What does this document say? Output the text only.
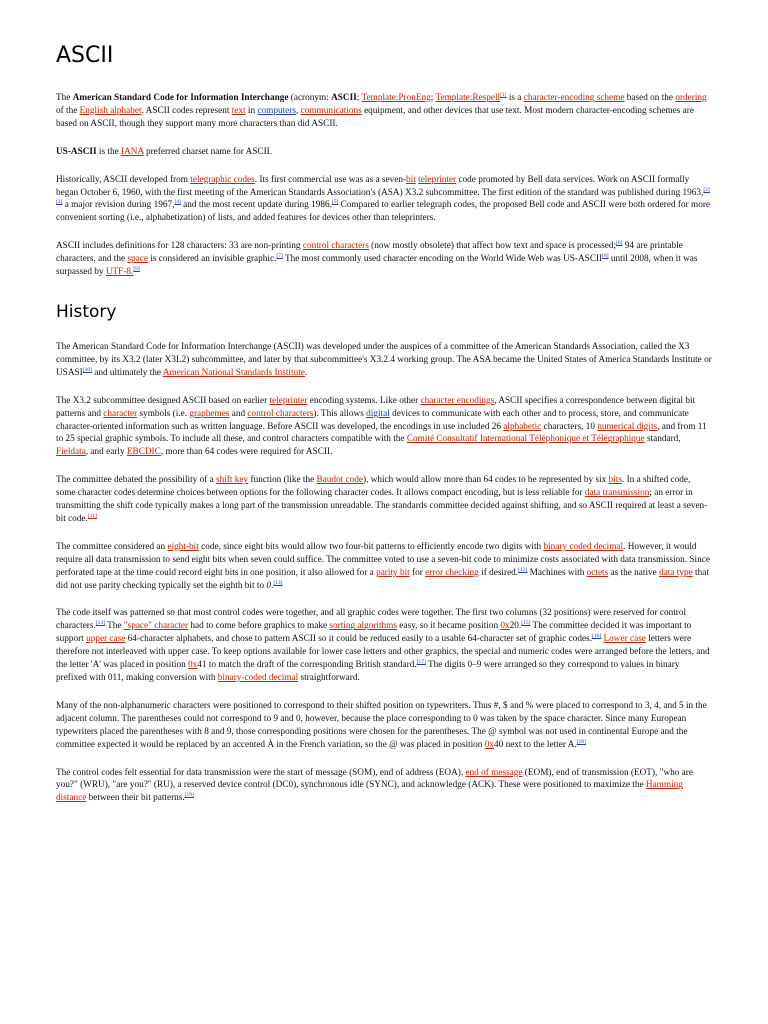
ASCII

The American Standard Code for Information Interchange (acronym: ASCII; Template:PronEng; Template:Respell[1] is a character-encoding scheme based on the ordering of the English alphabet. ASCII codes represent text in computers, communications equipment, and other devices that use text. Most modern character-encoding schemes are based on ASCII, though they support many more characters than did ASCII.

US-ASCII is the IANA preferred charset name for ASCII.

Historically, ASCII developed from telegraphic codes. Its first commercial use was as a seven-bit teleprinter code promoted by Bell data services. Work on ASCII formally began October 6, 1960, with the first meeting of the American Standards Association's (ASA) X3.2 subcommittee. The first edition of the standard was published during 1963,[2][3] a major revision during 1967,[4] and the most recent update during 1986.[5] Compared to earlier telegraph codes, the proposed Bell code and ASCII were both ordered for more convenient sorting (i.e., alphabetization) of lists, and added features for devices other than teleprinters.

ASCII includes definitions for 128 characters: 33 are non-printing control characters (now mostly obsolete) that affect how text and space is processed;[6] 94 are printable characters, and the space is considered an invisible graphic.[7] The most commonly used character encoding on the World Wide Web was US-ASCII[8] until 2008, when it was surpassed by UTF-8.[9]

History

The American Standard Code for Information Interchange (ASCII) was developed under the auspices of a committee of the American Standards Association, called the X3 committee, by its X3.2 (later X3L2) subcommittee, and later by that subcommittee's X3.2.4 working group. The ASA became the United States of America Standards Institute or USASI[10] and ultimately the American National Standards Institute.

The X3.2 subcommittee designed ASCII based on earlier teleprinter encoding systems. Like other character encodings, ASCII specifies a correspondence between digital bit patterns and character symbols (i.e. graphemes and control characters). This allows digital devices to communicate with each other and to process, store, and communicate character-oriented information such as written language. Before ASCII was developed, the encodings in use included 26 alphabetic characters, 10 numerical digits, and from 11 to 25 special graphic symbols. To include all these, and control characters compatible with the Comité Consultatif International Téléphonique et Télégraphique standard, Fieldata, and early EBCDIC, more than 64 codes were required for ASCII.

The committee debated the possibility of a shift key function (like the Baudot code), which would allow more than 64 codes to be represented by six bits. In a shifted code, some character codes determine choices between options for the following character codes. It allows compact encoding, but is less reliable for data transmission; an error in transmitting the shift code typically makes a long part of the transmission unreadable. The standards committee decided against shifting, and so ASCII required at least a seven-bit code.[11]

The committee considered an eight-bit code, since eight bits would allow two four-bit patterns to efficiently encode two digits with binary coded decimal. However, it would require all data transmission to send eight bits when seven could suffice. The committee voted to use a seven-bit code to minimize costs associated with data transmission. Since perforated tape at the time could record eight bits in one position, it also allowed for a parity bit for error checking if desired.[12] Machines with octets as the native data type that did not use parity checking typically set the eighth bit to 0.[13]

The code itself was patterned so that most control codes were together, and all graphic codes were together. The first two columns (32 positions) were reserved for control characters.[14] The "space" character had to come before graphics to make sorting algorithms easy, so it became position 0x20.[15] The committee decided it was important to support upper case 64-character alphabets, and chose to pattern ASCII so it could be reduced easily to a usable 64-character set of graphic codes.[16] Lower case letters were therefore not interleaved with upper case. To keep options available for lower case letters and other graphics, the special and numeric codes were arranged before the letters, and the letter 'A' was placed in position 0x41 to match the draft of the corresponding British standard.[17] The digits 0–9 were arranged so they correspond to values in binary prefixed with 011, making conversion with binary-coded decimal straightforward.

Many of the non-alphanumeric characters were positioned to correspond to their shifted position on typewriters. Thus #, $ and % were placed to correspond to 3, 4, and 5 in the adjacent column. The parentheses could not correspond to 9 and 0, however, because the place corresponding to 0 was taken by the space character. Since many European typewriters placed the parentheses with 8 and 9, those corresponding positions were chosen for the parentheses. The @ symbol was not used in continental Europe and the committee expected it would be replaced by an accented À in the French variation, so the @ was placed in position 0x40 next to the letter A.[18]

The control codes felt essential for data transmission were the start of message (SOM), end of address (EOA), end of message (EOM), end of transmission (EOT), "who are you?" (WRU), "are you?" (RU), a reserved device control (DC0), synchronous idle (SYNC), and acknowledge (ACK). These were positioned to maximize the Hamming distance between their bit patterns.[19]
